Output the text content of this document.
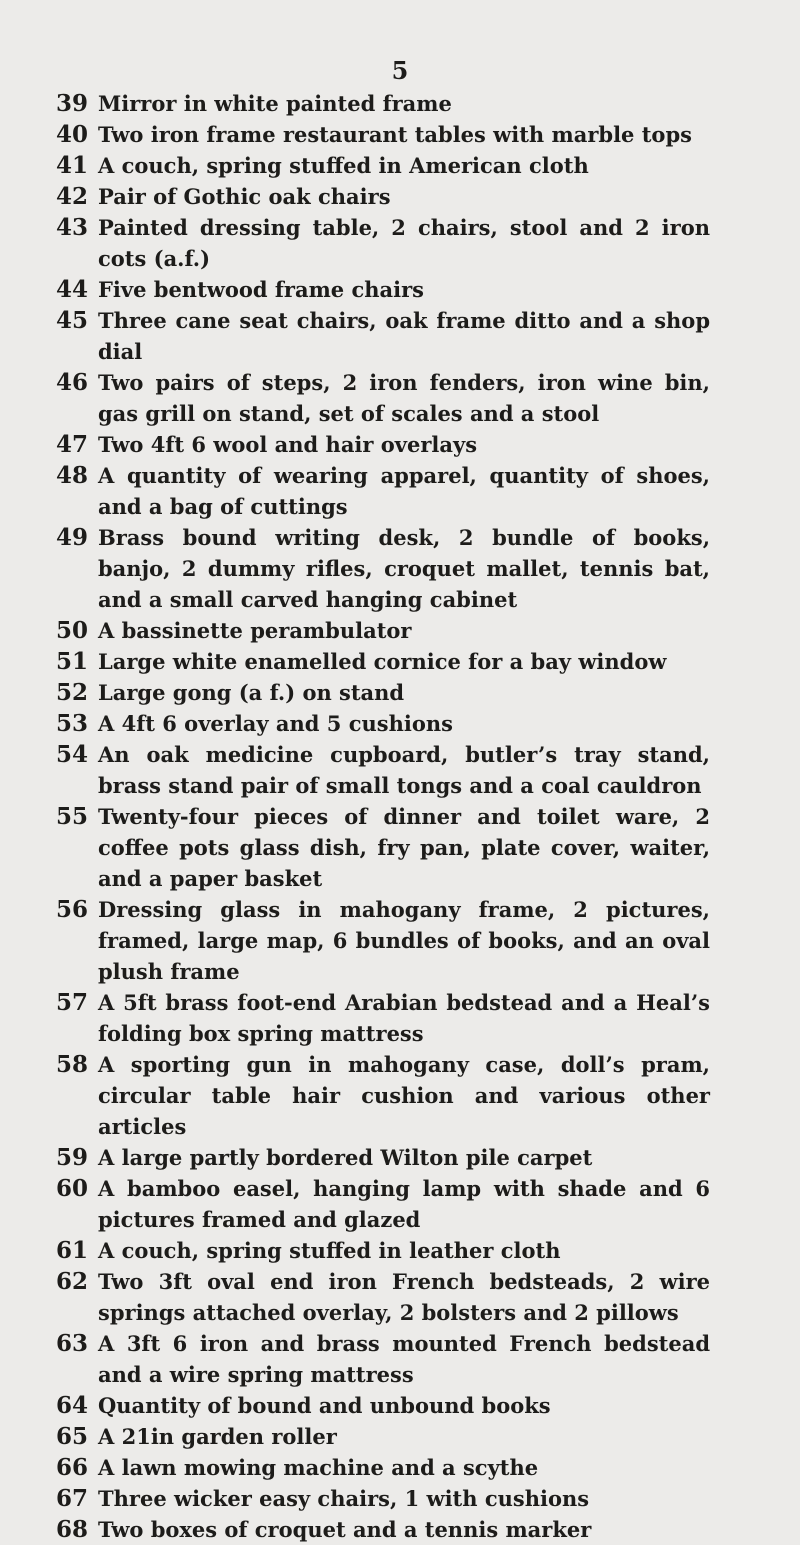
5
39 Mirror in white painted frame
40 Two iron frame restaurant tables with marble tops
41 A couch, spring stuffed in American cloth
42 Pair of Gothic oak chairs
43 Painted dressing table, 2 chairs, stool and 2 iron cots (a.f.)
44 Five bentwood frame chairs
45 Three cane seat chairs, oak frame ditto and a shop dial
46 Two pairs of steps, 2 iron fenders, iron wine bin, gas grill on stand, set of scales and a stool
47 Two 4ft 6 wool and hair overlays
48 A quantity of wearing apparel, quantity of shoes, and a bag of cuttings
49 Brass bound writing desk, 2 bundle of books, banjo, 2 dummy rifles, croquet mallet, tennis bat, and a small carved hanging cabinet
50 A bassinette perambulator
51 Large white enamelled cornice for a bay window
52 Large gong (a f.) on stand
53 A 4ft 6 overlay and 5 cushions
54 An oak medicine cupboard, butler’s tray stand, brass stand pair of small tongs and a coal cauldron
55 Twenty-four pieces of dinner and toilet ware, 2 coffee pots glass dish, fry pan, plate cover, waiter, and a paper basket
56 Dressing glass in mahogany frame, 2 pictures, framed, large map, 6 bundles of books, and an oval plush frame
57 A 5ft brass foot-end Arabian bedstead and a Heal’s folding box spring mattress
58 A sporting gun in mahogany case, doll’s pram, circular table hair cushion and various other articles
59 A large partly bordered Wilton pile carpet
60 A bamboo easel, hanging lamp with shade and 6 pictures framed and glazed
61 A couch, spring stuffed in leather cloth
62 Two 3ft oval end iron French bedsteads, 2 wire springs attached overlay, 2 bolsters and 2 pillows
63 A 3ft 6 iron and brass mounted French bedstead and a wire spring mattress
64 Quantity of bound and unbound books
65 A 21in garden roller
66 A lawn mowing machine and a scythe
67 Three wicker easy chairs, 1 with cushions
68 Two boxes of croquet and a tennis marker
